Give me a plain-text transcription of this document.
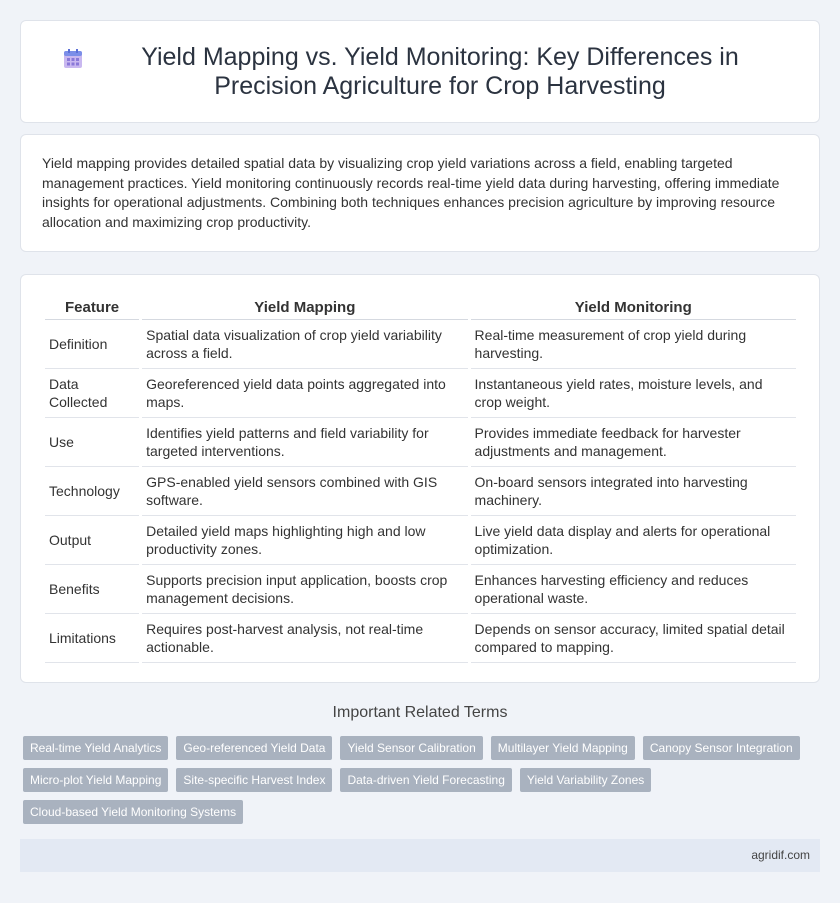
Yield Mapping vs. Yield Monitoring: Key Differences in Precision Agriculture for Crop Harvesting

Yield mapping provides detailed spatial data by visualizing crop yield variations across a field, enabling targeted management practices. Yield monitoring continuously records real-time yield data during harvesting, offering immediate insights for operational adjustments. Combining both techniques enhances precision agriculture by improving resource allocation and maximizing crop productivity.

Feature	Yield Mapping	Yield Monitoring
Definition	Spatial data visualization of crop yield variability across a field.	Real-time measurement of crop yield during harvesting.
Data Collected	Georeferenced yield data points aggregated into maps.	Instantaneous yield rates, moisture levels, and crop weight.
Use	Identifies yield patterns and field variability for targeted interventions.	Provides immediate feedback for harvester adjustments and management.
Technology	GPS-enabled yield sensors combined with GIS software.	On-board sensors integrated into harvesting machinery.
Output	Detailed yield maps highlighting high and low productivity zones.	Live yield data display and alerts for operational optimization.
Benefits	Supports precision input application, boosts crop management decisions.	Enhances harvesting efficiency and reduces operational waste.
Limitations	Requires post-harvest analysis, not real-time actionable.	Depends on sensor accuracy, limited spatial detail compared to mapping.
Important Related Terms
Real-time Yield Analytics	Geo-referenced Yield Data	Yield Sensor Calibration	Multilayer Yield Mapping	Canopy Sensor Integration
Micro-plot Yield Mapping	Site-specific Harvest Index	Data-driven Yield Forecasting	Yield Variability Zones
Cloud-based Yield Monitoring Systems
agridif.com
